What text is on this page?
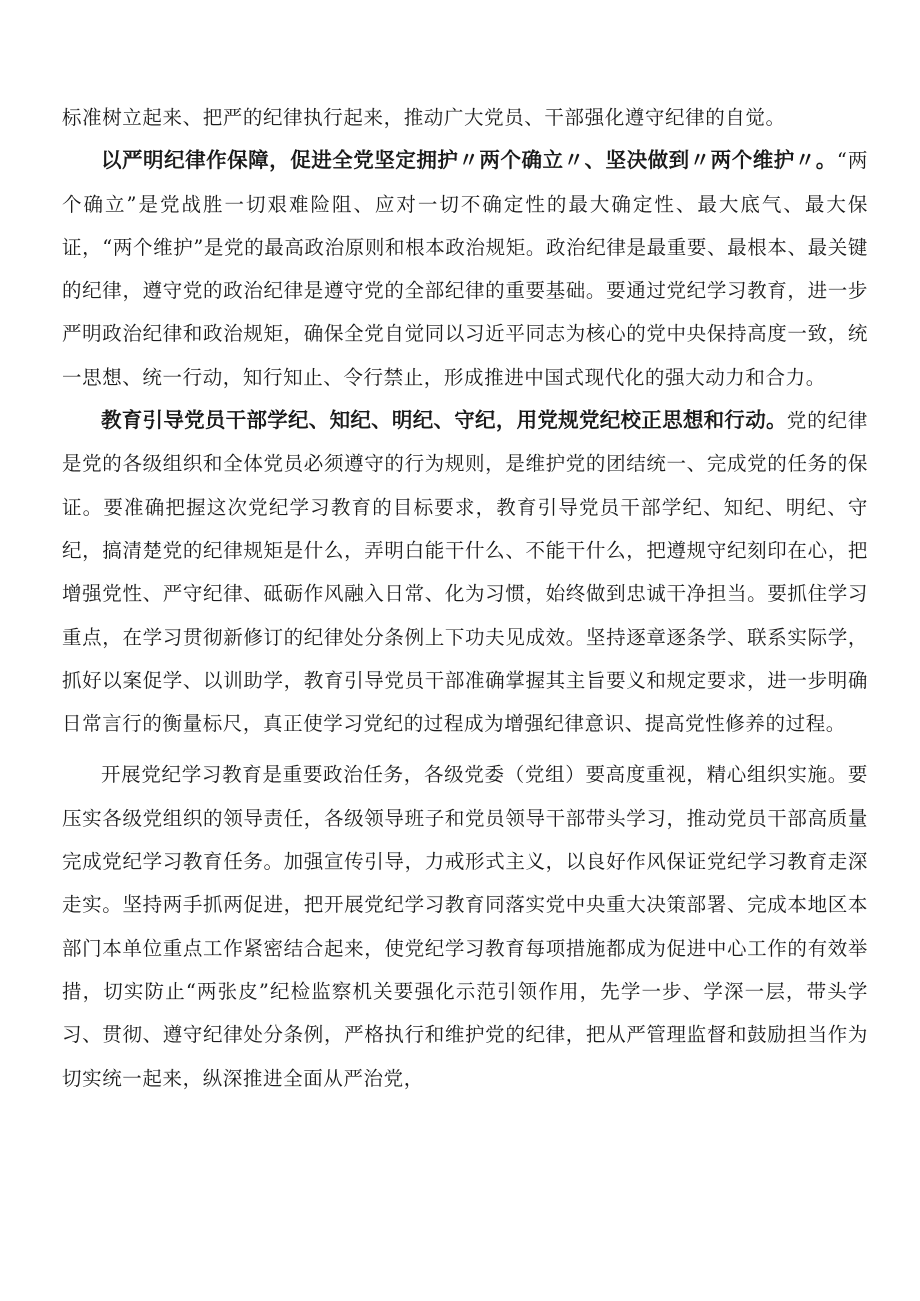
标准树立起来、把严的纪律执行起来，推动广大党员、干部强化遵守纪律的自觉。

以严明纪律作保障，促进全党坚定拥护〃两个确立〃、坚决做到〃两个维护〃。“两个确立”是党战胜一切艰难险阻、应对一切不确定性的最大确定性、最大底气、最大保证，“两个维护”是党的最高政治原则和根本政治规矩。政治纪律是最重要、最根本、最关键的纪律，遵守党的政治纪律是遵守党的全部纪律的重要基础。要通过党纪学习教育，进一步严明政治纪律和政治规矩，确保全党自觉同以习近平同志为核心的党中央保持高度一致，统一思想、统一行动，知行知止、令行禁止，形成推进中国式现代化的强大动力和合力。

教育引导党员干部学纪、知纪、明纪、守纪，用党规党纪校正思想和行动。党的纪律是党的各级组织和全体党员必须遵守的行为规则，是维护党的团结统一、完成党的任务的保证。要准确把握这次党纪学习教育的目标要求，教育引导党员干部学纪、知纪、明纪、守纪，搞清楚党的纪律规矩是什么，弄明白能干什么、不能干什么，把遵规守纪刻印在心，把增强党性、严守纪律、砥砺作风融入日常、化为习惯，始终做到忠诚干净担当。要抓住学习重点，在学习贯彻新修订的纪律处分条例上下功夫见成效。坚持逐章逐条学、联系实际学，抓好以案促学、以训助学，教育引导党员干部准确掌握其主旨要义和规定要求，进一步明确日常言行的衡量标尺，真正使学习党纪的过程成为增强纪律意识、提高党性修养的过程。

开展党纪学习教育是重要政治任务，各级党委（党组）要高度重视，精心组织实施。要压实各级党组织的领导责任，各级领导班子和党员领导干部带头学习，推动党员干部高质量完成党纪学习教育任务。加强宣传引导，力戒形式主义，以良好作风保证党纪学习教育走深走实。坚持两手抓两促进，把开展党纪学习教育同落实党中央重大决策部署、完成本地区本部门本单位重点工作紧密结合起来，使党纪学习教育每项措施都成为促进中心工作的有效举措，切实防止“两张皮”纪检监察机关要强化示范引领作用，先学一步、学深一层，带头学习、贯彻、遵守纪律处分条例，严格执行和维护党的纪律，把从严管理监督和鼓励担当作为切实统一起来，纵深推进全面从严治党，
